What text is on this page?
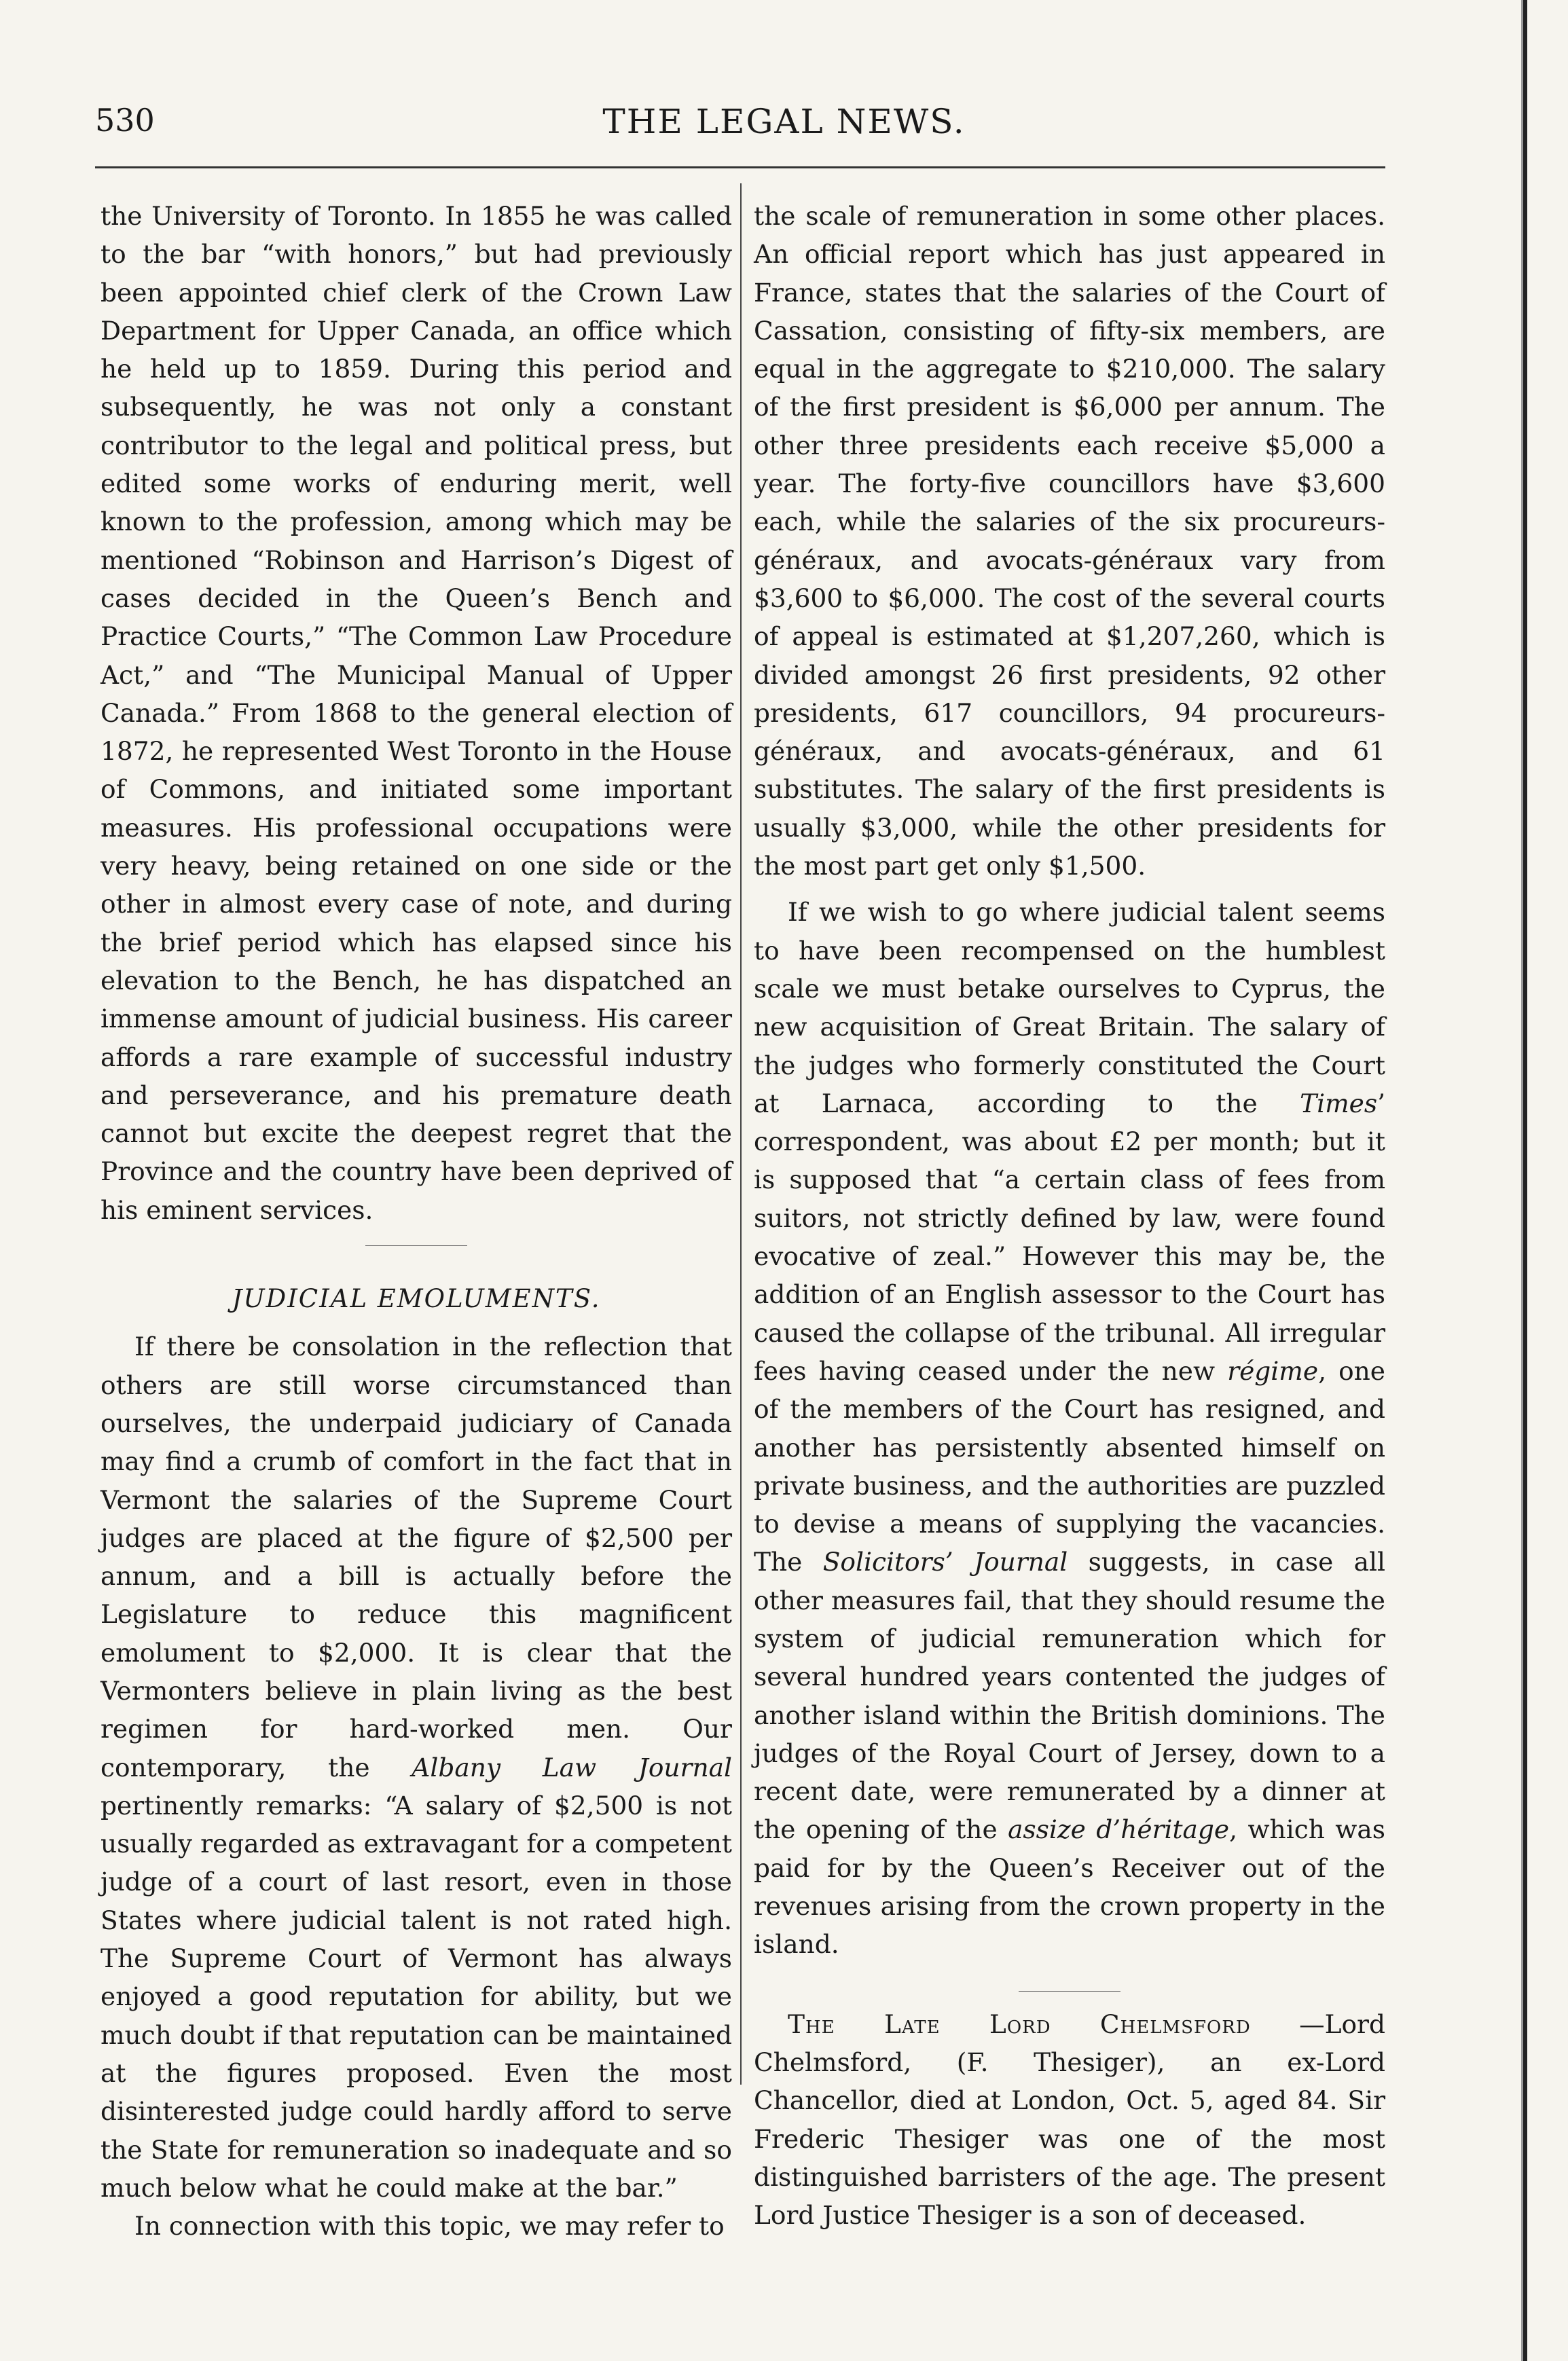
530	THE LEGAL NEWS.

the University of Toronto. In 1855 he was called to the bar “with honors,” but had previously been appointed chief clerk of the Crown Law Department for Upper Canada, an office which he held up to 1859. During this period and subsequently, he was not only a constant contributor to the legal and political press, but edited some works of enduring merit, well known to the profession, among which may be mentioned “Robinson and Harrison’s Digest of cases decided in the Queen’s Bench and Practice Courts,” “The Common Law Procedure Act,” and “The Municipal Manual of Upper Canada.” From 1868 to the general election of 1872, he represented West Toronto in the House of Commons, and initiated some important measures. His professional occupations were very heavy, being retained on one side or the other in almost every case of note, and during the brief period which has elapsed since his elevation to the Bench, he has dispatched an immense amount of judicial business. His career affords a rare example of successful industry and perseverance, and his premature death cannot but excite the deepest regret that the Province and the country have been deprived of his eminent services.

JUDICIAL EMOLUMENTS.

If there be consolation in the reflection that others are still worse circumstanced than ourselves, the underpaid judiciary of Canada may find a crumb of comfort in the fact that in Vermont the salaries of the Supreme Court judges are placed at the figure of $2,500 per annum, and a bill is actually before the Legislature to reduce this magnificent emolument to $2,000. It is clear that the Vermonters believe in plain living as the best regimen for hard-worked men. Our contemporary, the Albany Law Journal pertinently remarks: “A salary of $2,500 is not usually regarded as extravagant for a competent judge of a court of last resort, even in those States where judicial talent is not rated high. The Supreme Court of Vermont has always enjoyed a good reputation for ability, but we much doubt if that reputation can be maintained at the figures proposed. Even the most disinterested judge could hardly afford to serve the State for remuneration so inadequate and so much below what he could make at the bar.”

In connection with this topic, we may refer to

the scale of remuneration in some other places. An official report which has just appeared in France, states that the salaries of the Court of Cassation, consisting of fifty-six members, are equal in the aggregate to $210,000. The salary of the first president is $6,000 per annum. The other three presidents each receive $5,000 a year. The forty-five councillors have $3,600 each, while the salaries of the six procureurs-généraux, and avocats-généraux vary from $3,600 to $6,000. The cost of the several courts of appeal is estimated at $1,207,260, which is divided amongst 26 first presidents, 92 other presidents, 617 councillors, 94 procureurs-généraux, and avocats-généraux, and 61 substitutes. The salary of the first presidents is usually $3,000, while the other presidents for the most part get only $1,500.

If we wish to go where judicial talent seems to have been recompensed on the humblest scale we must betake ourselves to Cyprus, the new acquisition of Great Britain. The salary of the judges who formerly constituted the Court at Larnaca, according to the Times’ correspondent, was about £2 per month; but it is supposed that “a certain class of fees from suitors, not strictly defined by law, were found evocative of zeal.” However this may be, the addition of an English assessor to the Court has caused the collapse of the tribunal. All irregular fees having ceased under the new régime, one of the members of the Court has resigned, and another has persistently absented himself on private business, and the authorities are puzzled to devise a means of supplying the vacancies. The Solicitors’ Journal suggests, in case all other measures fail, that they should resume the system of judicial remuneration which for several hundred years contented the judges of another island within the British dominions. The judges of the Royal Court of Jersey, down to a recent date, were remunerated by a dinner at the opening of the assize d’héritage, which was paid for by the Queen’s Receiver out of the revenues arising from the crown property in the island.

The Late Lord Chelmsford —Lord Chelmsford, (F. Thesiger), an ex-Lord Chancellor, died at London, Oct. 5, aged 84. Sir Frederic Thesiger was one of the most distinguished barristers of the age. The present Lord Justice Thesiger is a son of deceased.
